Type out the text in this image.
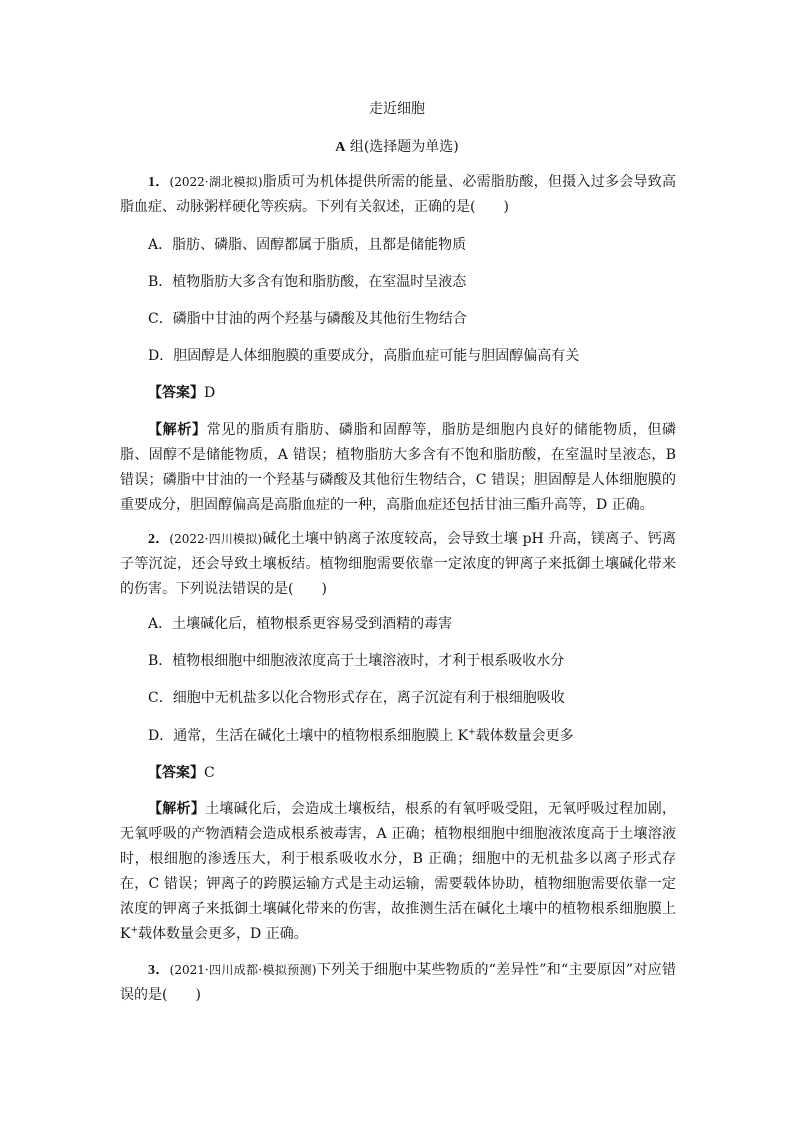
走近细胞
A 组(选择题为单选)
1．(2022·湖北模拟)脂质可为机体提供所需的能量、必需脂肪酸，但摄入过多会导致高脂血症、动脉粥样硬化等疾病。下列有关叙述，正确的是(　　)
A．脂肪、磷脂、固醇都属于脂质，且都是储能物质
B．植物脂肪大多含有饱和脂肪酸，在室温时呈液态
C．磷脂中甘油的两个羟基与磷酸及其他衍生物结合
D．胆固醇是人体细胞膜的重要成分，高脂血症可能与胆固醇偏高有关
【答案】D
【解析】常见的脂质有脂肪、磷脂和固醇等，脂肪是细胞内良好的储能物质，但磷脂、固醇不是储能物质，A 错误；植物脂肪大多含有不饱和脂肪酸，在室温时呈液态，B 错误；磷脂中甘油的一个羟基与磷酸及其他衍生物结合，C 错误；胆固醇是人体细胞膜的重要成分，胆固醇偏高是高脂血症的一种，高脂血症还包括甘油三酯升高等，D 正确。
2．(2022·四川模拟)碱化土壤中钠离子浓度较高，会导致土壤 pH 升高，镁离子、钙离子等沉淀，还会导致土壤板结。植物细胞需要依靠一定浓度的钾离子来抵御土壤碱化带来的伤害。下列说法错误的是(　　)
A．土壤碱化后，植物根系更容易受到酒精的毒害
B．植物根细胞中细胞液浓度高于土壤溶液时，才利于根系吸收水分
C．细胞中无机盐多以化合物形式存在，离子沉淀有利于根细胞吸收
D．通常，生活在碱化土壤中的植物根系细胞膜上 K+载体数量会更多
【答案】C
【解析】土壤碱化后，会造成土壤板结，根系的有氧呼吸受阻，无氧呼吸过程加剧，无氧呼吸的产物酒精会造成根系被毒害，A 正确；植物根细胞中细胞液浓度高于土壤溶液时，根细胞的渗透压大，利于根系吸收水分，B 正确；细胞中的无机盐多以离子形式存在，C 错误；钾离子的跨膜运输方式是主动运输，需要载体协助，植物细胞需要依靠一定浓度的钾离子来抵御土壤碱化带来的伤害，故推测生活在碱化土壤中的植物根系细胞膜上 K+载体数量会更多，D 正确。
3．(2021·四川成都·模拟预测)下列关于细胞中某些物质的“差异性”和“主要原因”对应错误的是(　　)
